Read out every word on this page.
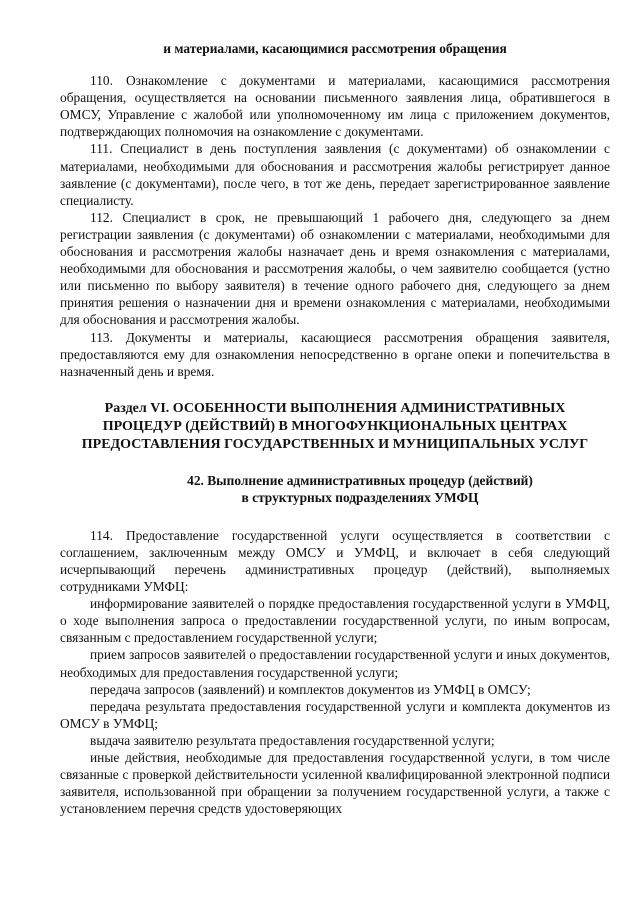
и материалами, касающимися рассмотрения обращения

110. Ознакомление с документами и материалами, касающимися рассмотрения обращения, осуществляется на основании письменного заявления лица, обратившегося в ОМСУ, Управление с жалобой или уполномоченному им лица с приложением документов, подтверждающих полномочия на ознакомление с документами.

111. Специалист в день поступления заявления (с документами) об ознакомлении с материалами, необходимыми для обоснования и рассмотрения жалобы регистрирует данное заявление (с документами), после чего, в тот же день, передает зарегистрированное заявление специалисту.

112. Специалист в срок, не превышающий 1 рабочего дня, следующего за днем регистрации заявления (с документами) об ознакомлении с материалами, необходимыми для обоснования и рассмотрения жалобы назначает день и время ознакомления с материалами, необходимыми для обоснования и рассмотрения жалобы, о чем заявителю сообщается (устно или письменно по выбору заявителя) в течение одного рабочего дня, следующего за днем принятия решения о назначении дня и времени ознакомления с материалами, необходимыми для обоснования и рассмотрения жалобы.

113. Документы и материалы, касающиеся рассмотрения обращения заявителя, предоставляются ему для ознакомления непосредственно в органе опеки и попечительства в назначенный день и время.

Раздел VI. ОСОБЕННОСТИ ВЫПОЛНЕНИЯ АДМИНИСТРАТИВНЫХ
ПРОЦЕДУР (ДЕЙСТВИЙ) В МНОГОФУНКЦИОНАЛЬНЫХ ЦЕНТРАХ
ПРЕДОСТАВЛЕНИЯ ГОСУДАРСТВЕННЫХ И МУНИЦИПАЛЬНЫХ УСЛУГ
42. Выполнение административных процедур (действий)
в структурных подразделениях УМФЦ

114. Предоставление государственной услуги осуществляется в соответствии с соглашением, заключенным между ОМСУ и УМФЦ, и включает в себя следующий исчерпывающий перечень административных процедур (действий), выполняемых сотрудниками УМФЦ:

информирование заявителей о порядке предоставления государственной услуги в УМФЦ, о ходе выполнения запроса о предоставлении государственной услуги, по иным вопросам, связанным с предоставлением государственной услуги;

прием запросов заявителей о предоставлении государственной услуги и иных документов, необходимых для предоставления государственной услуги;

передача запросов (заявлений) и комплектов документов из УМФЦ в ОМСУ;

передача результата предоставления государственной услуги и комплекта документов из ОМСУ в УМФЦ;

выдача заявителю результата предоставления государственной услуги;

иные действия, необходимые для предоставления государственной услуги, в том числе связанные с проверкой действительности усиленной квалифицированной электронной подписи заявителя, использованной при обращении за получением государственной услуги, а также с установлением перечня средств удостоверяющих
